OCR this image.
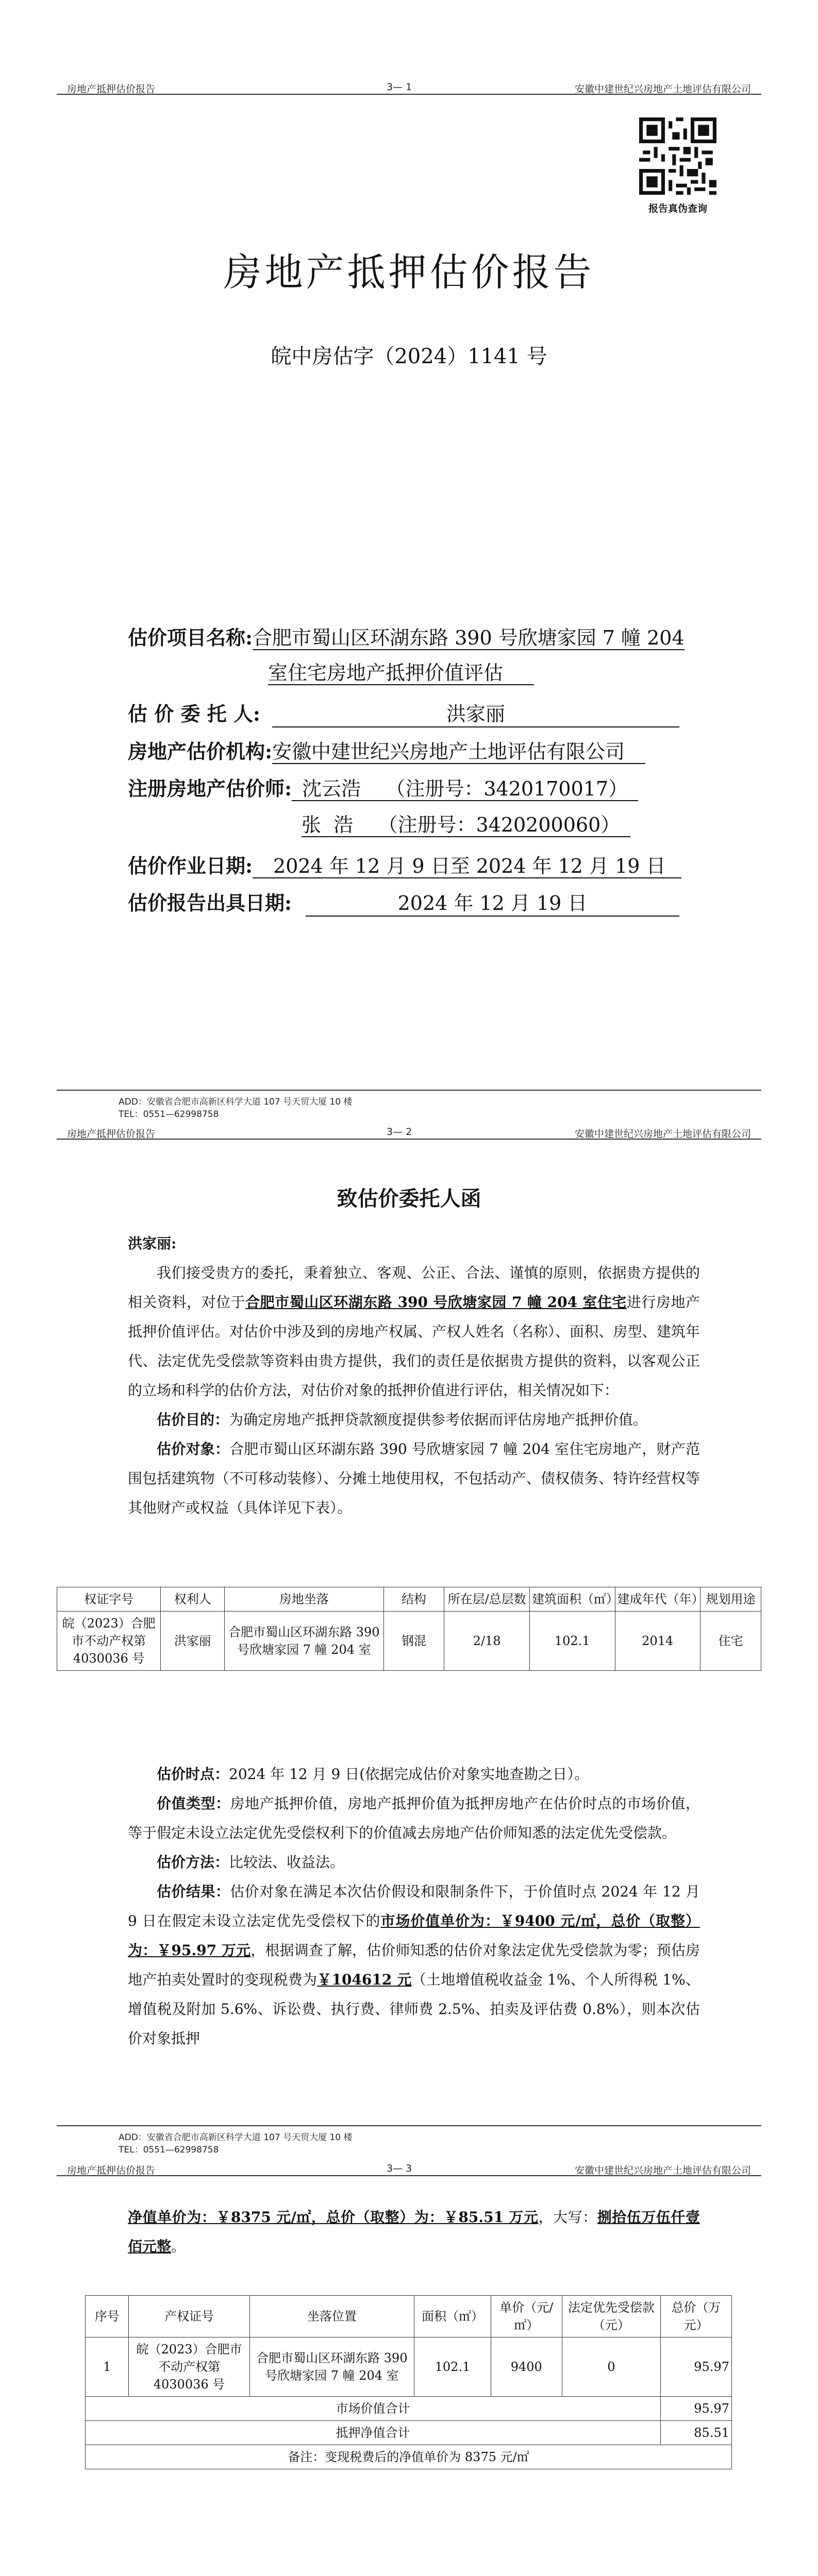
房地产抵押估价报告	3— 1	安徽中建世纪兴房地产土地评估有限公司
报告真伪查询
房地产抵押估价报告
皖中房估字（2024）1141 号
估价项目名称:合肥市蜀山区环湖东路 390 号欣塘家园 7 幢 204
室住宅房地产抵押价值评估
估 价 委 托 人:	洪家丽
房地产估价机构:安徽中建世纪兴房地产土地评估有限公司
注册房地产估价师: 沈云浩    （注册号：3420170017）
张  浩    （注册号：3420200060）
估价作业日期: 2024 年 12 月 9 日至 2024 年 12 月 19 日
估价报告出具日期:	2024 年 12 月 19 日
ADD：安徽省合肥市高新区科学大道 107 号天贸大厦 10 楼
TEL：0551—62998758
房地产抵押估价报告	3— 2	安徽中建世纪兴房地产土地评估有限公司
致估价委托人函

洪家丽:

我们接受贵方的委托，秉着独立、客观、公正、合法、谨慎的原则，依据贵方提供的相关资料，对位于合肥市蜀山区环湖东路 390 号欣塘家园 7 幢 204 室住宅进行房地产抵押价值评估。对估价中涉及到的房地产权属、产权人姓名（名称）、面积、房型、建筑年代、法定优先受偿款等资料由贵方提供，我们的责任是依据贵方提供的资料，以客观公正的立场和科学的估价方法，对估价对象的抵押价值进行评估，相关情况如下：

估价目的：为确定房地产抵押贷款额度提供参考依据而评估房地产抵押价值。

估价对象：合肥市蜀山区环湖东路 390 号欣塘家园 7 幢 204 室住宅房地产，财产范围包括建筑物（不可移动装修）、分摊土地使用权，不包括动产、债权债务、特许经营权等其他财产或权益（具体详见下表）。

权证字号	权利人	房地坐落	结构	所在层/总层数	建筑面积（㎡）	建成年代（年）	规划用途
皖（2023）合肥市不动产权第 4030036 号	洪家丽	合肥市蜀山区环湖东路 390 号欣塘家园 7 幢 204 室	钢混	2/18	102.1	2014	住宅

估价时点：2024 年 12 月 9 日(依据完成估价对象实地查勘之日）。

价值类型：房地产抵押价值，房地产抵押价值为抵押房地产在估价时点的市场价值，等于假定未设立法定优先受偿权利下的价值减去房地产估价师知悉的法定优先受偿款。

估价方法：比较法、收益法。

估价结果：估价对象在满足本次估价假设和限制条件下，于价值时点 2024 年 12 月 9 日在假定未设立法定优先受偿权下的市场价值单价为：￥9400 元/㎡，总价（取整）为：￥95.97 万元，根据调查了解，估价师知悉的估价对象法定优先受偿款为零；预估房地产拍卖处置时的变现税费为￥104612 元（土地增值税收益金 1%、个人所得税 1%、增值税及附加 5.6%、诉讼费、执行费、律师费 2.5%、拍卖及评估费 0.8%），则本次估价对象抵押

ADD：安徽省合肥市高新区科学大道 107 号天贸大厦 10 楼
TEL：0551—62998758
房地产抵押估价报告	3— 3	安徽中建世纪兴房地产土地评估有限公司

净值单价为：￥8375 元/㎡，总价（取整）为：￥85.51 万元，大写：捌拾伍万伍仟壹佰元整。

序号	产权证号	坐落位置	面积（㎡）	单价（元/㎡）	法定优先受偿款（元）	总价（万元）
1	皖（2023）合肥市不动产权第 4030036 号	合肥市蜀山区环湖东路 390 号欣塘家园 7 幢 204 室	102.1	9400	0	95.97
市场价值合计						95.97
抵押净值合计						85.51
备注：变现税费后的净值单价为 8375 元/㎡						
